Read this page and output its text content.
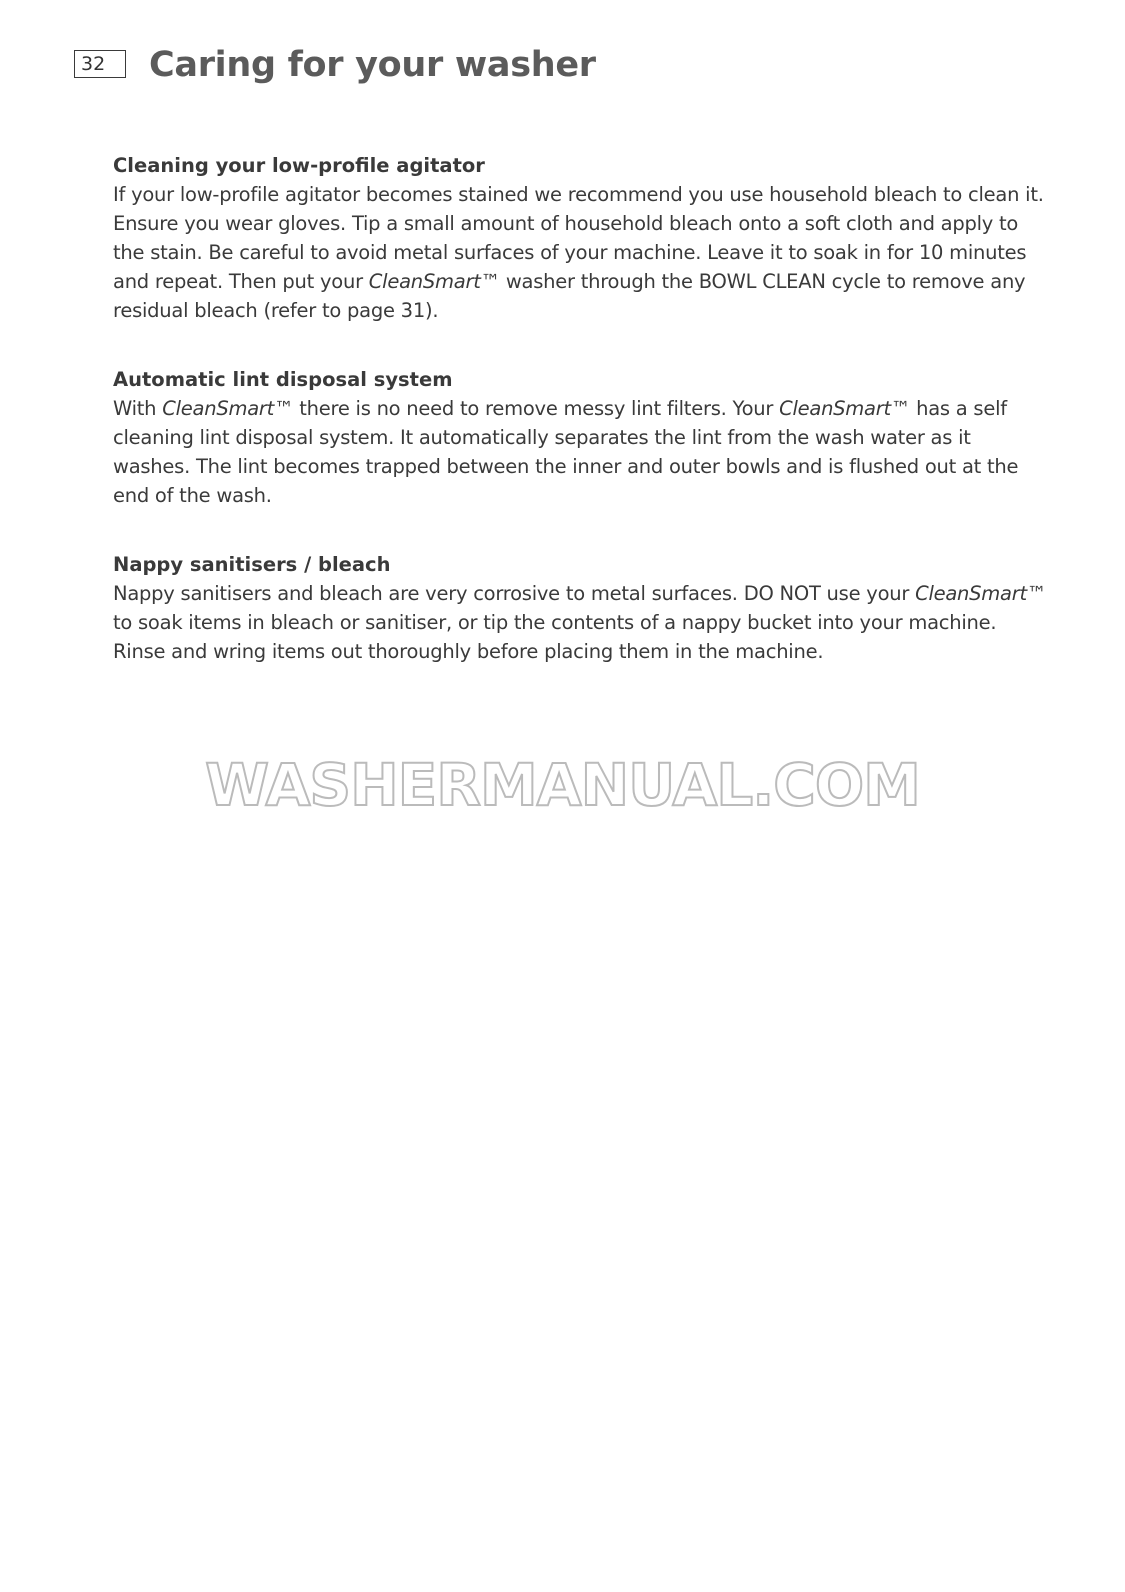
32	Caring for your washer
Cleaning your low-profile agitator

If your low-profile agitator becomes stained we recommend you use household bleach to clean it. Ensure you wear gloves. Tip a small amount of household bleach onto a soft cloth and apply to the stain. Be careful to avoid metal surfaces of your machine. Leave it to soak in for 10 minutes and repeat. Then put your CleanSmart™ washer through the BOWL CLEAN cycle to remove any residual bleach (refer to page 31).

Automatic lint disposal system

With CleanSmart™ there is no need to remove messy lint filters. Your CleanSmart™ has a self cleaning lint disposal system. It automatically separates the lint from the wash water as it washes. The lint becomes trapped between the inner and outer bowls and is flushed out at the end of the wash.

Nappy sanitisers / bleach

Nappy sanitisers and bleach are very corrosive to metal surfaces. DO NOT use your CleanSmart™ to soak items in bleach or sanitiser, or tip the contents of a nappy bucket into your machine. Rinse and wring items out thoroughly before placing them in the machine.

WASHERMANUAL.COM
